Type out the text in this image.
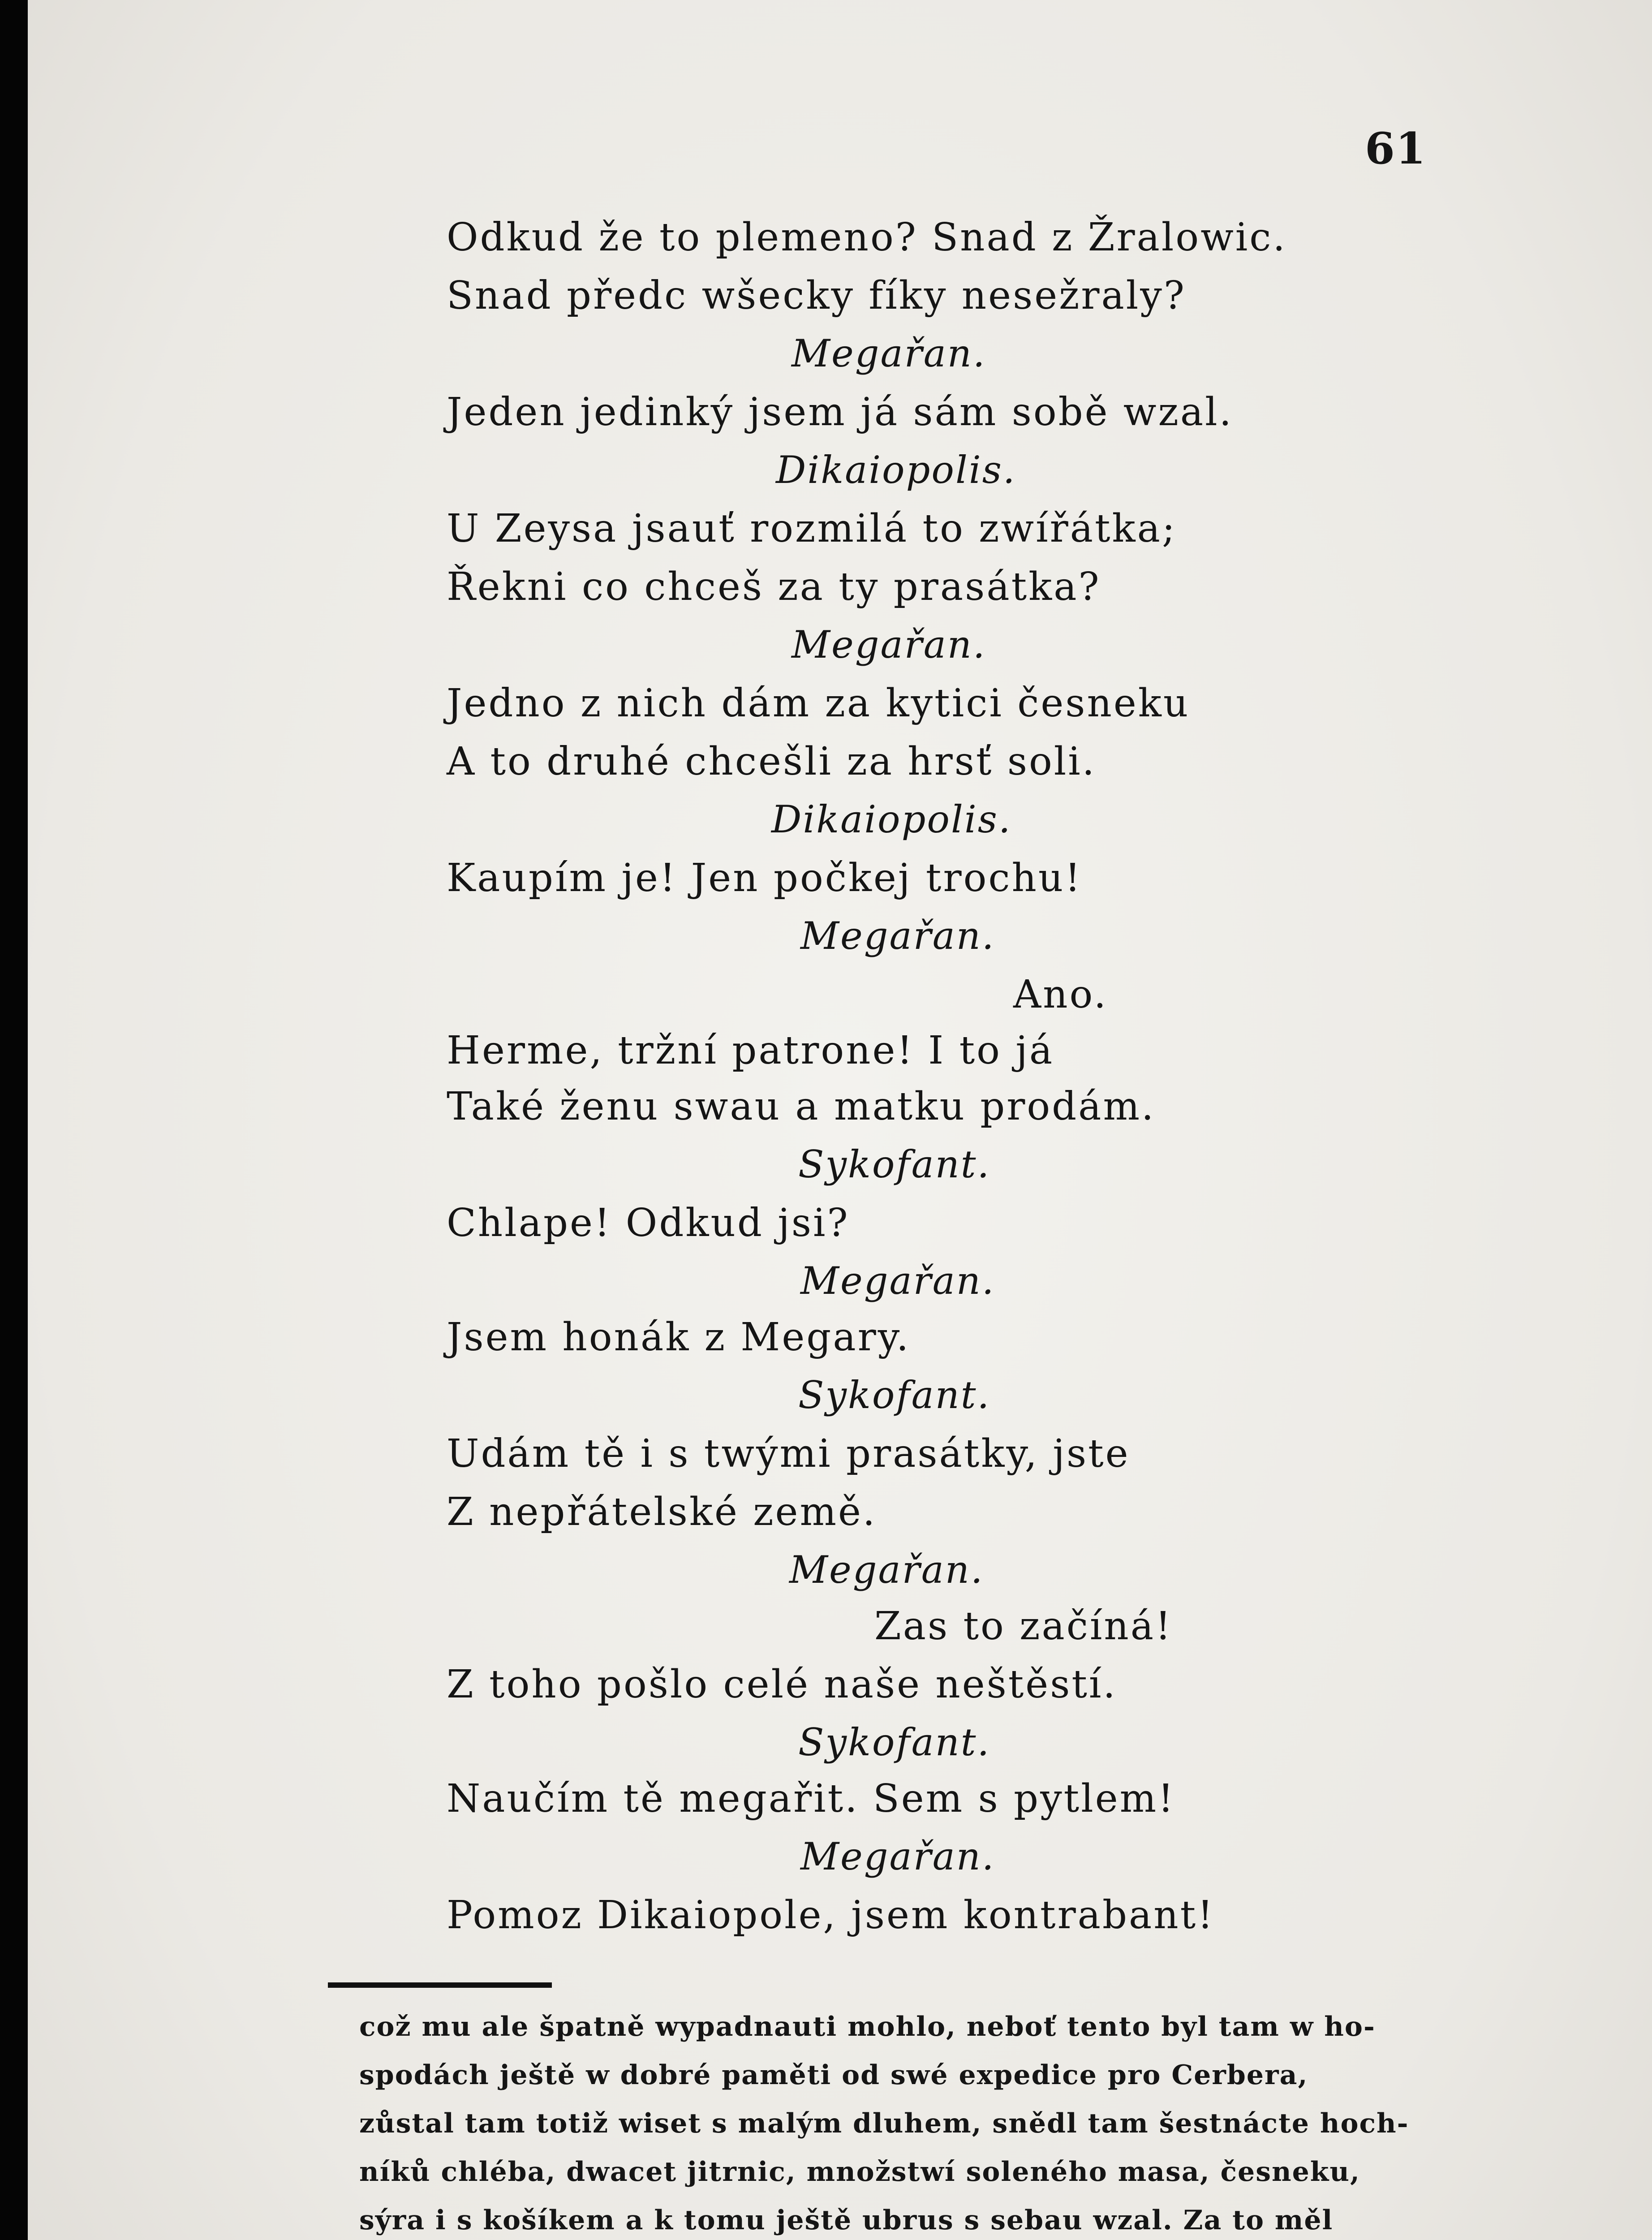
61
Odkud že to plemeno? Snad z Žralowic.
Snad předc wšecky fíky nesežraly?
Megařan.
Jeden jedinký jsem já sám sobě wzal.
Dikaiopolis.
U Zeysa jsauť rozmilá to zwířátka;
Řekni co chceš za ty prasátka?
Megařan.
Jedno z nich dám za kytici česneku
A to druhé chcešli za hrsť soli.
Dikaiopolis.
Kaupím je! Jen počkej trochu!
Megařan.
Ano.
Herme, tržní patrone! I to já
Také ženu swau a matku prodám.
Sykofant.
Chlape! Odkud jsi?
Megařan.
Jsem honák z Megary.
Sykofant.
Udám tě i s twými prasátky, jste
Z nepřátelské země.
Megařan.
Zas to začíná!
Z toho pošlo celé naše neštěstí.
Sykofant.
Naučím tě megařit. Sem s pytlem!
Megařan.
Pomoz Dikaiopole, jsem kontrabant!
což mu ale špatně wypadnauti mohlo, neboť tento byl tam w ho-
spodách ještě w dobré paměti od swé expedice pro Cerbera,
zůstal tam totiž wiset s malým dluhem, snědl tam šestnácte hoch-
níků chléba, dwacet jitrnic, množstwí soleného masa, česneku,
sýra i s košíkem a k tomu ještě ubrus s sebau wzal. Za to měl
